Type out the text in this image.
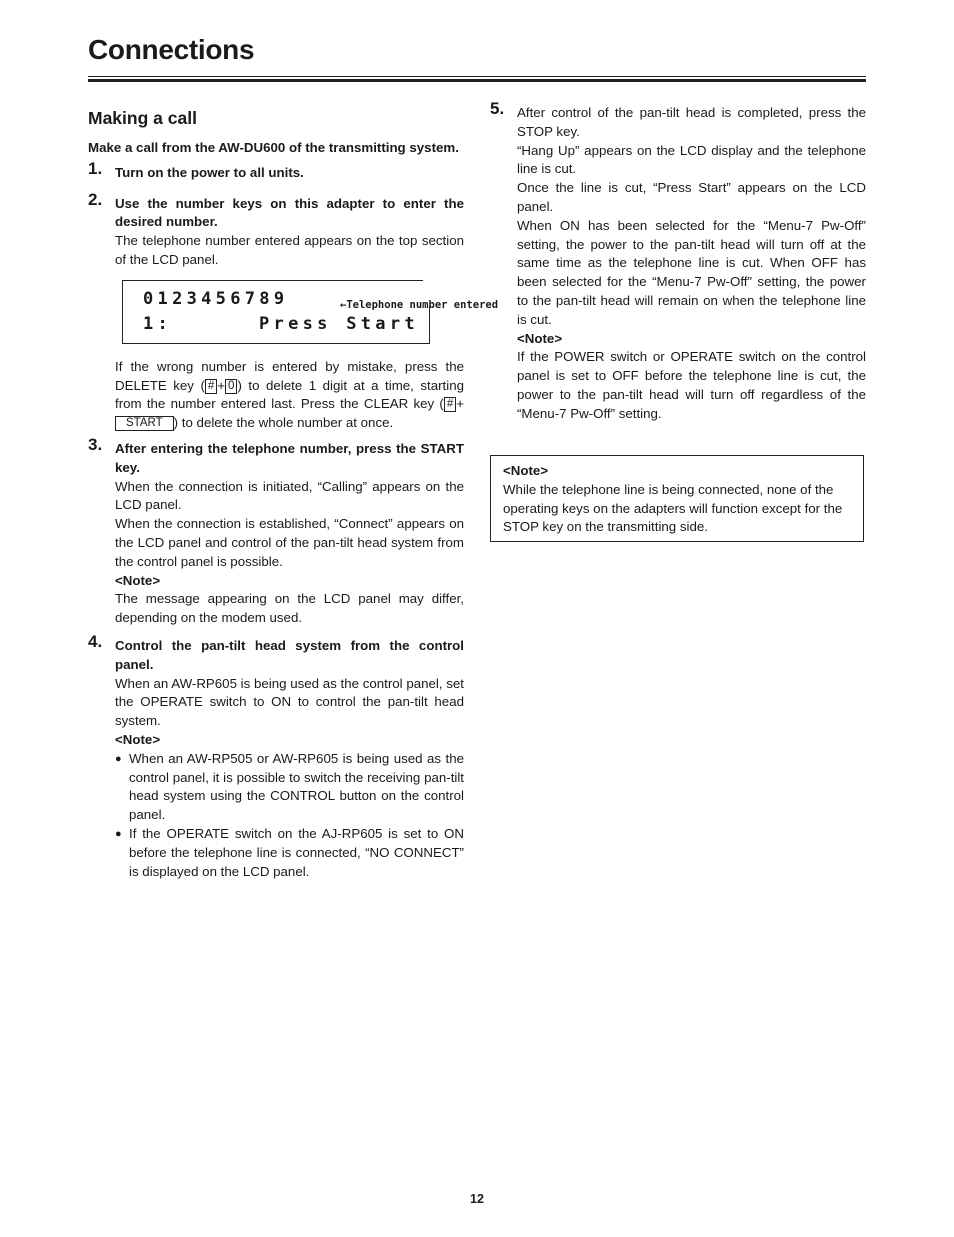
Connections
Making a call

Make a call from the AW-DU600 of the transmitting system.

1. Turn on the power to all units.
2. Use the number keys on this adapter to enter the desired number.

The telephone number entered appears on the top section of the LCD panel.

0123456789
1:	Press Start
←Telephone number entered

If the wrong number is entered by mistake, press the DELETE key ( # + 0 ) to delete 1 digit at a time, starting from the number entered last. Press the CLEAR key ( # +START ) to delete the whole number at once.

3. After entering the telephone number, press the START key.

When the connection is initiated, “Calling” appears on the LCD panel.

When the connection is established, “Connect” appears on the LCD panel and control of the pan-tilt head system from the control panel is possible.

<Note>

The message appearing on the LCD panel may differ, depending on the modem used.

4. Control the pan-tilt head system from the control panel.

When an AW-RP605 is being used as the control panel, set the OPERATE switch to ON to control the pan-tilt head system.

<Note>
● When an AW-RP505 or AW-RP605 is being used as the control panel, it is possible to switch the receiving pan-tilt head system using the CONTROL button on the control panel.
● If the OPERATE switch on the AJ-RP605 is set to ON before the telephone line is connected, “NO CONNECT” is displayed on the LCD panel.
5. After control of the pan-tilt head is completed, press the STOP key.

“Hang Up” appears on the LCD display and the telephone line is cut.

Once the line is cut, “Press Start” appears on the LCD panel.

When ON has been selected for the “Menu-7 Pw-Off” setting, the power to the pan-tilt head will turn off at the same time as the telephone line is cut. When OFF has been selected for the “Menu-7 Pw-Off” setting, the power to the pan-tilt head will remain on when the telephone line is cut.

<Note>

If the POWER switch or OPERATE switch on the control panel is set to OFF before the telephone line is cut, the power to the pan-tilt head will turn off regardless of the “Menu-7 Pw-Off” setting.

<Note>
While the telephone line is being connected, none of the operating keys on the adapters will function except for the STOP key on the transmitting side.
12
